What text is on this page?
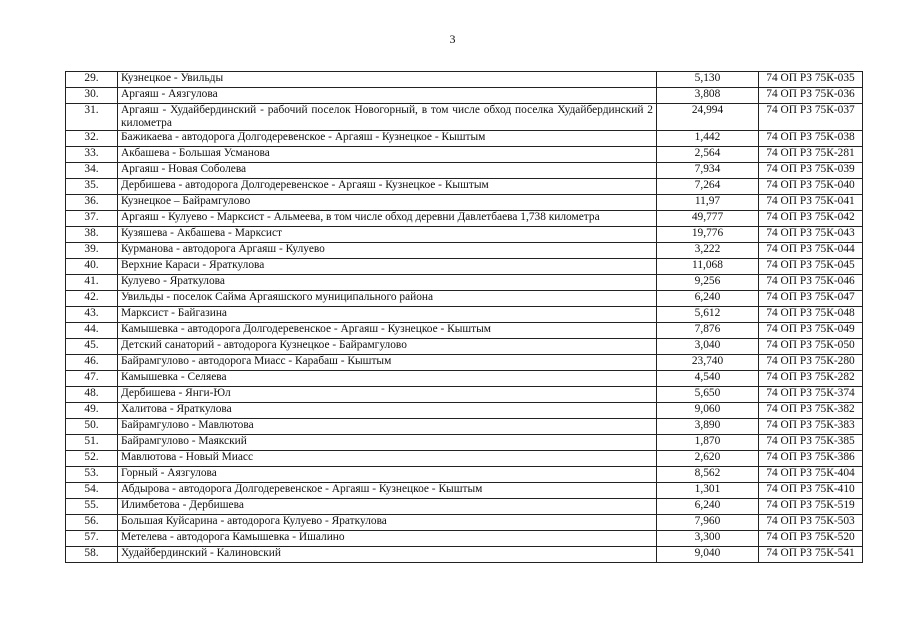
3
29.	Кузнецкое - Увильды	5,130	74 ОП РЗ 75К-035
30.	Аргаяш - Аязгулова	3,808	74 ОП РЗ 75К-036
31.	Аргаяш - Худайбердинский - рабочий поселок Новогорный, в том числе обход поселка Худайбердинский 2 километра	24,994	74 ОП РЗ 75К-037
32.	Бажикаева - автодорога Долгодеревенское - Аргаяш - Кузнецкое - Кыштым	1,442	74 ОП РЗ 75К-038
33.	Акбашева - Большая Усманова	2,564	74 ОП РЗ 75К-281
34.	Аргаяш - Новая Соболева	7,934	74 ОП РЗ 75К-039
35.	Дербишева - автодорога Долгодеревенское - Аргаяш - Кузнецкое - Кыштым	7,264	74 ОП РЗ 75К-040
36.	Кузнецкое – Байрамгулово	11,97	74 ОП РЗ 75К-041
37.	Аргаяш - Кулуево - Марксист - Альмеева, в том числе обход деревни Давлетбаева 1,738 километра	49,777	74 ОП РЗ 75К-042
38.	Кузяшева - Акбашева - Марксист	19,776	74 ОП РЗ 75К-043
39.	Курманова - автодорога Аргаяш - Кулуево	3,222	74 ОП РЗ 75К-044
40.	Верхние Караси - Яраткулова	11,068	74 ОП РЗ 75К-045
41.	Кулуево - Яраткулова	9,256	74 ОП РЗ 75К-046
42.	Увильды - поселок Сайма Аргаяшского муниципального района	6,240	74 ОП РЗ 75К-047
43.	Марксист - Байгазина	5,612	74 ОП РЗ 75К-048
44.	Камышевка - автодорога Долгодеревенское - Аргаяш - Кузнецкое - Кыштым	7,876	74 ОП РЗ 75К-049
45.	Детский санаторий - автодорога Кузнецкое - Байрамгулово	3,040	74 ОП РЗ 75К-050
46.	Байрамгулово - автодорога Миасс - Карабаш - Кыштым	23,740	74 ОП РЗ 75К-280
47.	Камышевка - Селяева	4,540	74 ОП РЗ 75К-282
48.	Дербишева - Янги-Юл	5,650	74 ОП РЗ 75К-374
49.	Халитова - Яраткулова	9,060	74 ОП РЗ 75К-382
50.	Байрамгулово - Мавлютова	3,890	74 ОП РЗ 75К-383
51.	Байрамгулово - Маякский	1,870	74 ОП РЗ 75К-385
52.	Мавлютова - Новый Миасс	2,620	74 ОП РЗ 75К-386
53.	Горный - Аязгулова	8,562	74 ОП РЗ 75К-404
54.	Абдырова - автодорога Долгодеревенское - Аргаяш - Кузнецкое - Кыштым	1,301	74 ОП РЗ 75К-410
55.	Илимбетова - Дербишева	6,240	74 ОП РЗ 75К-519
56.	Большая Куйсарина - автодорога Кулуево - Яраткулова	7,960	74 ОП РЗ 75К-503
57.	Метелева - автодорога Камышевка - Ишалино	3,300	74 ОП РЗ 75К-520
58.	Худайбердинский - Калиновский	9,040	74 ОП РЗ 75К-541
